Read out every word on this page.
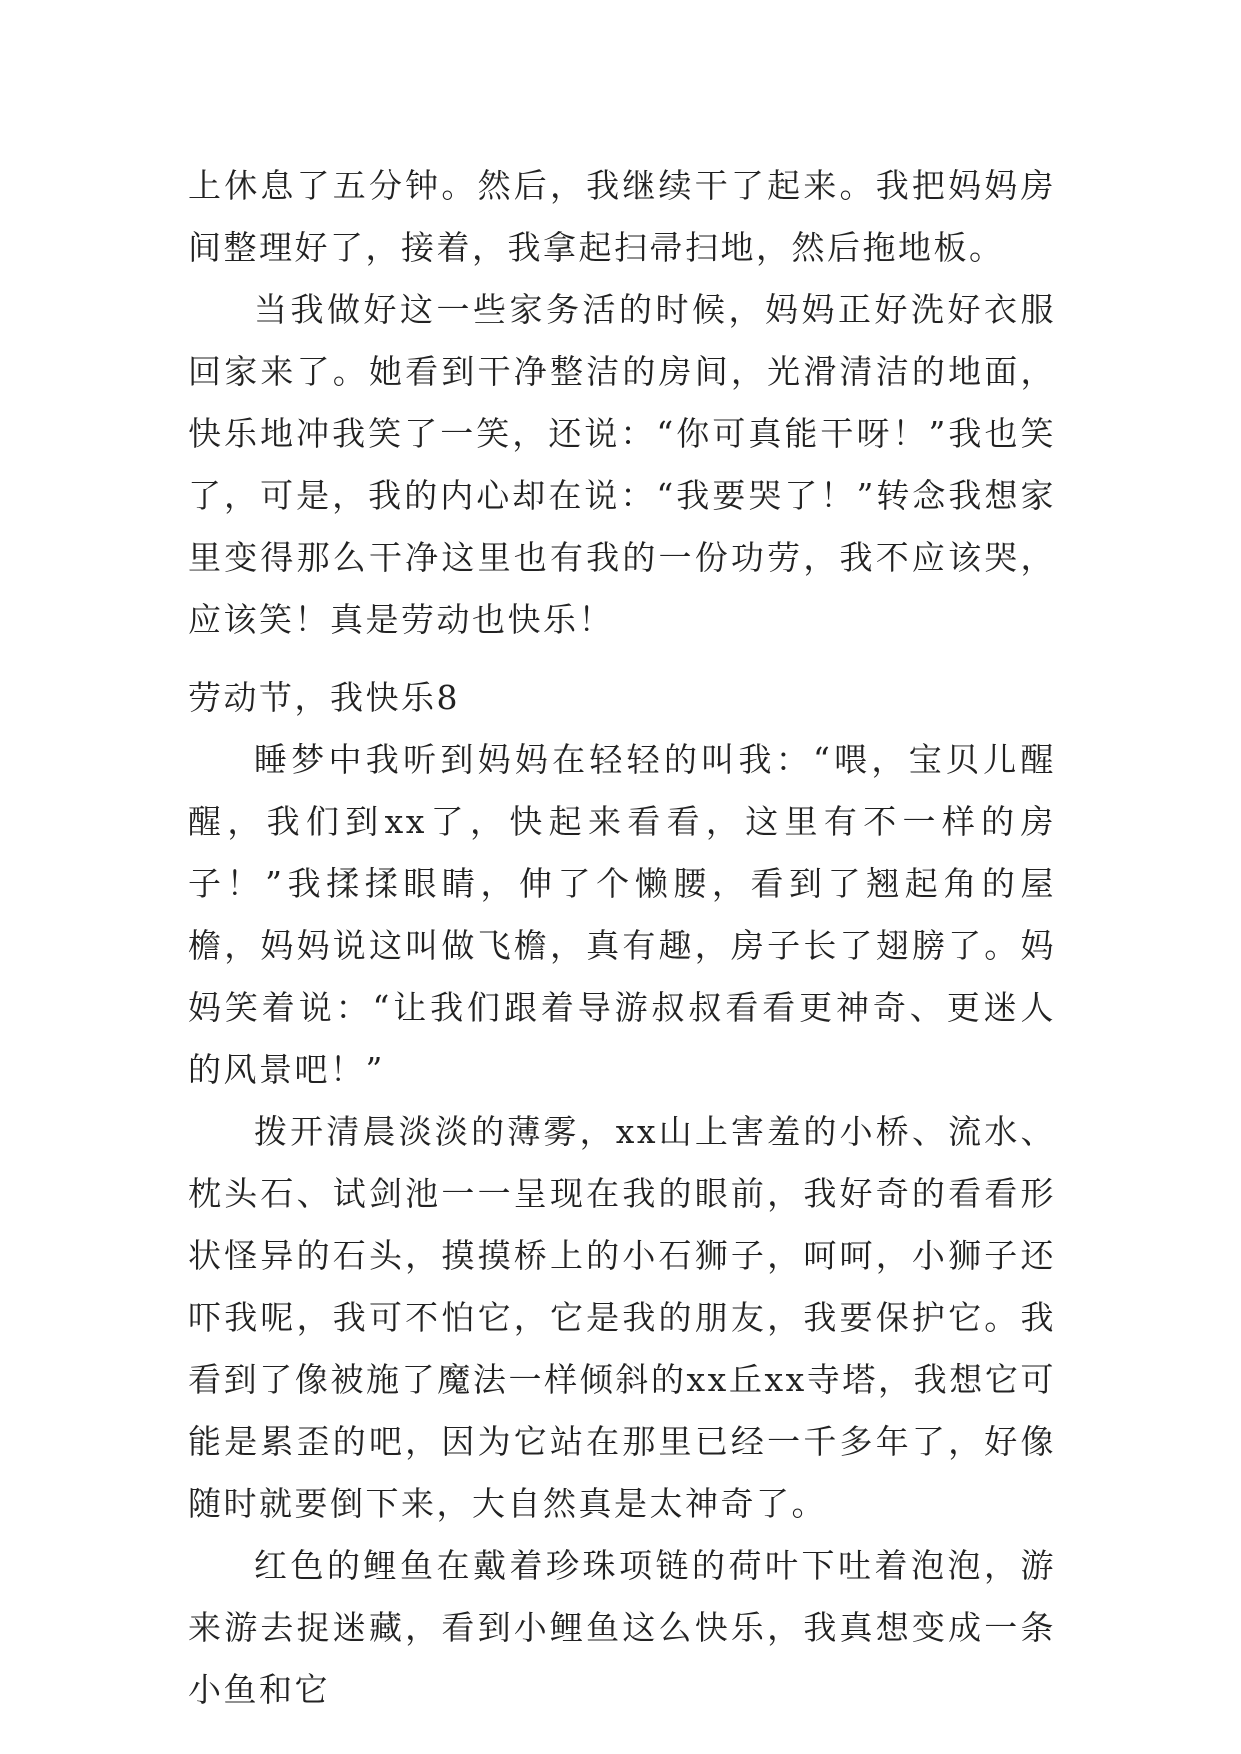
上休息了五分钟。然后，我继续干了起来。我把妈妈房间整理好了，接着，我拿起扫帚扫地，然后拖地板。

当我做好这一些家务活的时候，妈妈正好洗好衣服回家来了。她看到干净整洁的房间，光滑清洁的地面，快乐地冲我笑了一笑，还说：“你可真能干呀！”我也笑了，可是，我的内心却在说：“我要哭了！”转念我想家里变得那么干净这里也有我的一份功劳，我不应该哭，应该笑！真是劳动也快乐！

劳动节，我快乐8

睡梦中我听到妈妈在轻轻的叫我：“喂，宝贝儿醒醒，我们到xx了，快起来看看，这里有不一样的房子！”我揉揉眼睛，伸了个懒腰，看到了翘起角的屋檐，妈妈说这叫做飞檐，真有趣，房子长了翅膀了。妈妈笑着说：“让我们跟着导游叔叔看看更神奇、更迷人的风景吧！”

拨开清晨淡淡的薄雾，xx山上害羞的小桥、流水、枕头石、试剑池一一呈现在我的眼前，我好奇的看看形状怪异的石头，摸摸桥上的小石狮子，呵呵，小狮子还吓我呢，我可不怕它，它是我的朋友，我要保护它。我看到了像被施了魔法一样倾斜的xx丘xx寺塔，我想它可能是累歪的吧，因为它站在那里已经一千多年了，好像随时就要倒下来，大自然真是太神奇了。

红色的鲤鱼在戴着珍珠项链的荷叶下吐着泡泡，游来游去捉迷藏，看到小鲤鱼这么快乐，我真想变成一条小鱼和它
